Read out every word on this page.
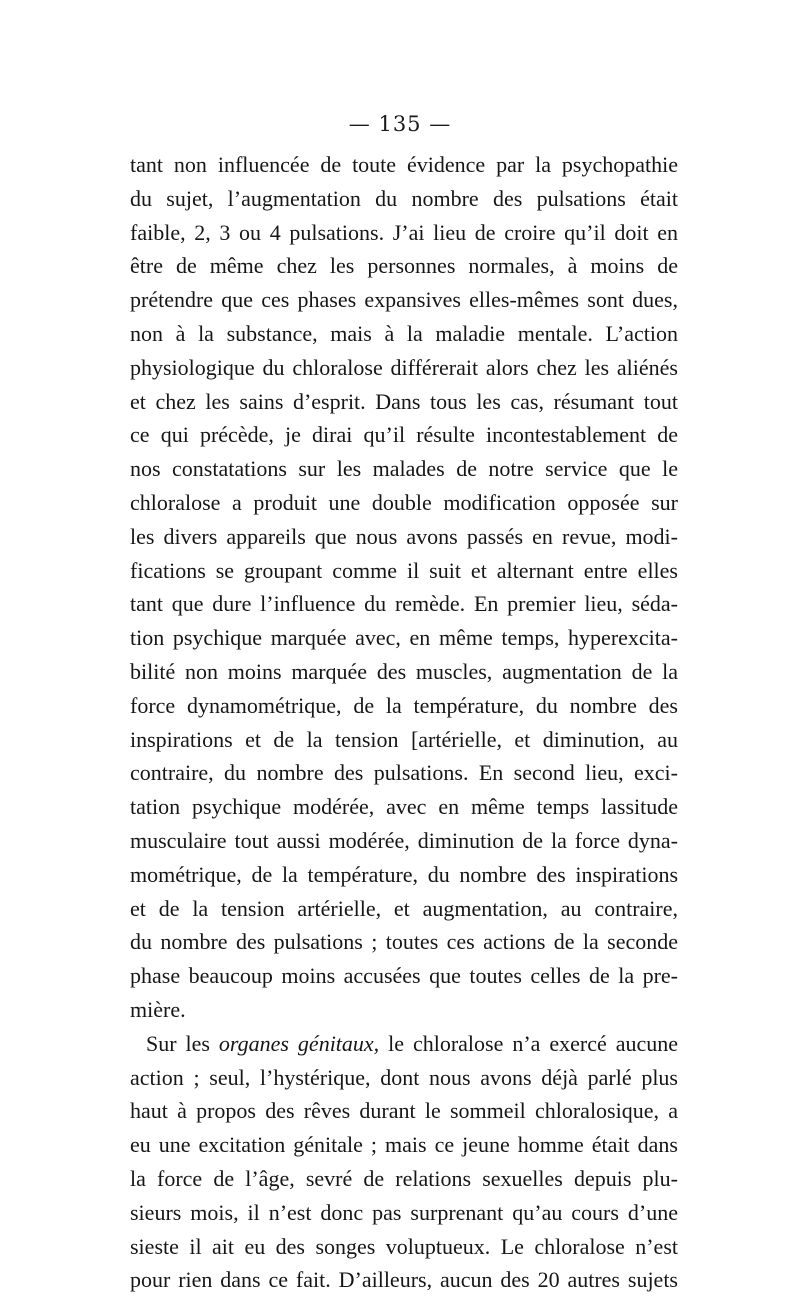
— 135 —
tant non influencée de toute évidence par la psychopathie
du sujet, l’augmentation du nombre des pulsations était
faible, 2, 3 ou 4 pulsations. J’ai lieu de croire qu’il doit en
être de même chez les personnes normales, à moins de
prétendre que ces phases expansives elles-mêmes sont dues,
non à la substance, mais à la maladie mentale. L’action
physiologique du chloralose différerait alors chez les aliénés
et chez les sains d’esprit. Dans tous les cas, résumant tout
ce qui précède, je dirai qu’il résulte incontestablement de
nos constatations sur les malades de notre service que le
chloralose a produit une double modification opposée sur
les divers appareils que nous avons passés en revue, modi-
fications se groupant comme il suit et alternant entre elles
tant que dure l’influence du remède. En premier lieu, séda-
tion psychique marquée avec, en même temps, hyperexcita-
bilité non moins marquée des muscles, augmentation de la
force dynamométrique, de la température, du nombre des
inspirations et de la tension [artérielle, et diminution, au
contraire, du nombre des pulsations. En second lieu, exci-
tation psychique modérée, avec en même temps lassitude
musculaire tout aussi modérée, diminution de la force dyna-
mométrique, de la température, du nombre des inspirations
et de la tension artérielle, et augmentation, au contraire,
du nombre des pulsations ; toutes ces actions de la seconde
phase beaucoup moins accusées que toutes celles de la pre-
mière.
Sur les organes génitaux, le chloralose n’a exercé aucune
action ; seul, l’hystérique, dont nous avons déjà parlé plus
haut à propos des rêves durant le sommeil chloralosique, a
eu une excitation génitale ; mais ce jeune homme était dans
la force de l’âge, sevré de relations sexuelles depuis plu-
sieurs mois, il n’est donc pas surprenant qu’au cours d’une
sieste il ait eu des songes voluptueux. Le chloralose n’est
pour rien dans ce fait. D’ailleurs, aucun des 20 autres sujets
